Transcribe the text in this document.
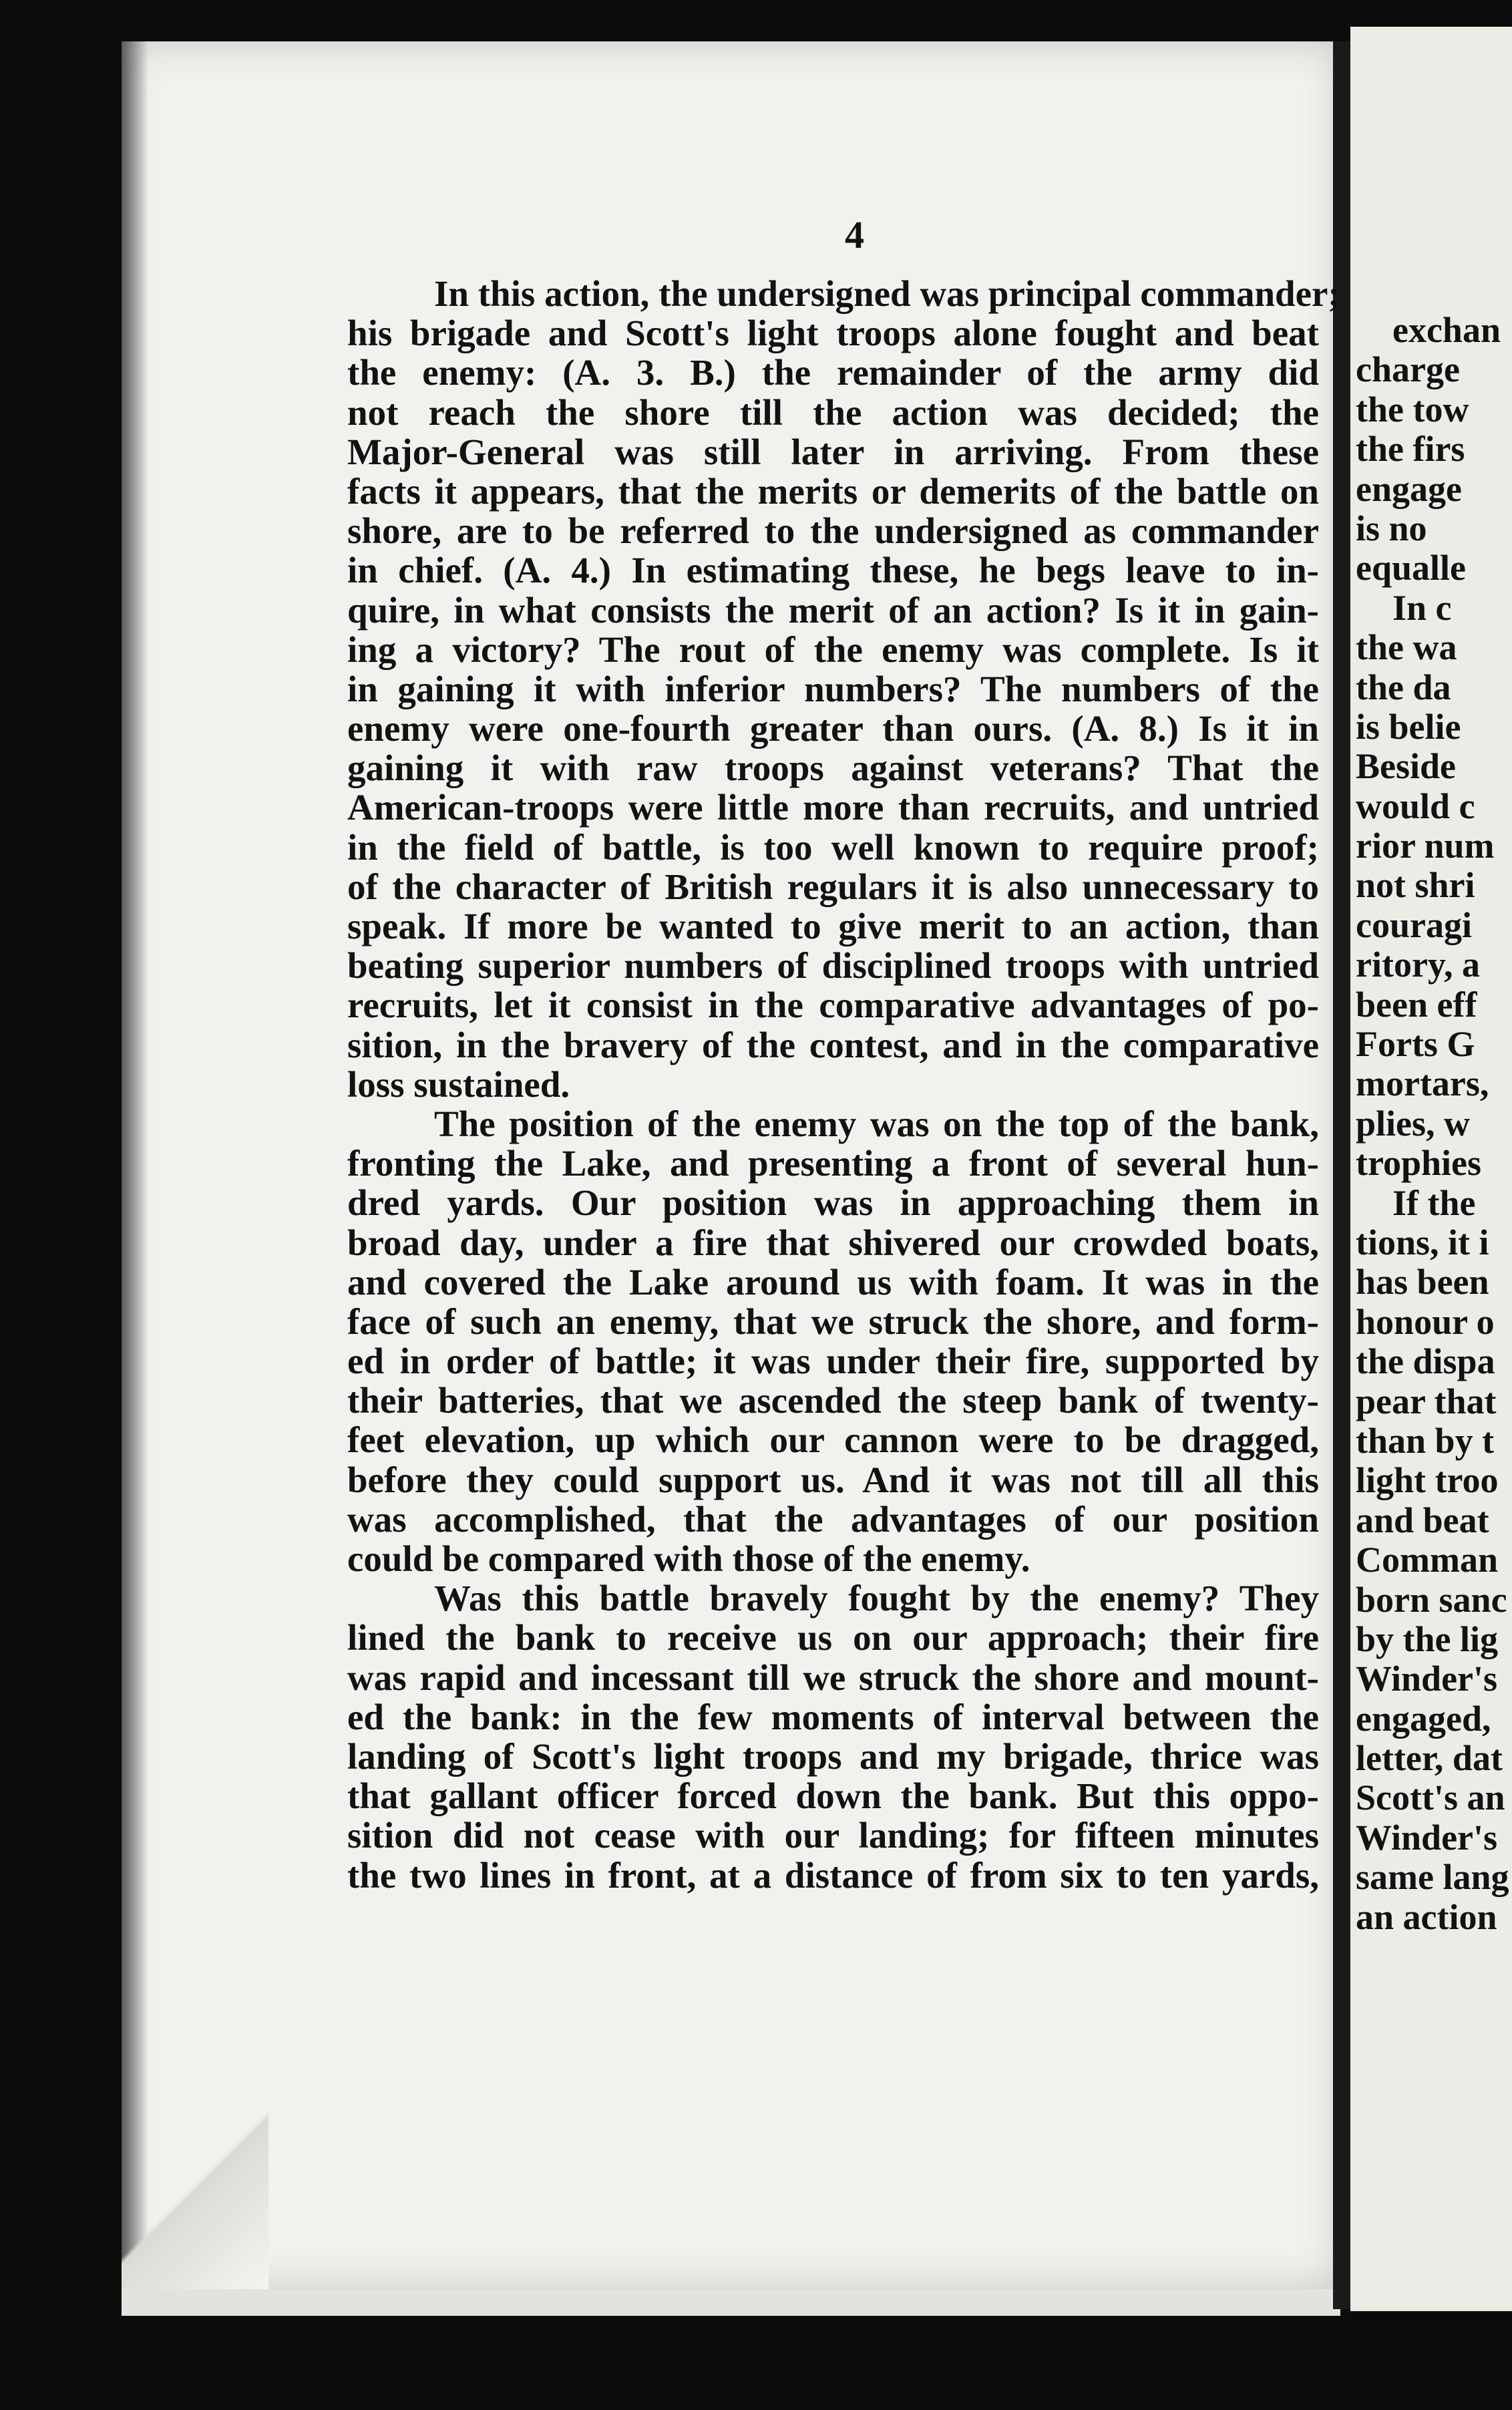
4
In this action, the undersigned was principal commander;
his brigade and Scott's light troops alone fought and beat
the enemy: (A. 3. B.) the remainder of the army did
not reach the shore till the action was decided; the
Major-General was still later in arriving. From these
facts it appears, that the merits or demerits of the battle on
shore, are to be referred to the undersigned as commander
in chief. (A. 4.) In estimating these, he begs leave to in-
quire, in what consists the merit of an action? Is it in gain-
ing a victory? The rout of the enemy was complete. Is it
in gaining it with inferior numbers? The numbers of the
enemy were one-fourth greater than ours. (A. 8.) Is it in
gaining it with raw troops against veterans? That the
American-troops were little more than recruits, and untried
in the field of battle, is too well known to require proof;
of the character of British regulars it is also unnecessary to
speak. If more be wanted to give merit to an action, than
beating superior numbers of disciplined troops with untried
recruits, let it consist in the comparative advantages of po-
sition, in the bravery of the contest, and in the comparative
loss sustained.
The position of the enemy was on the top of the bank,
fronting the Lake, and presenting a front of several hun-
dred yards. Our position was in approaching them in
broad day, under a fire that shivered our crowded boats,
and covered the Lake around us with foam. It was in the
face of such an enemy, that we struck the shore, and form-
ed in order of battle; it was under their fire, supported by
their batteries, that we ascended the steep bank of twenty-
feet elevation, up which our cannon were to be dragged,
before they could support us. And it was not till all this
was accomplished, that the advantages of our position
could be compared with those of the enemy.
Was this battle bravely fought by the enemy? They
lined the bank to receive us on our approach; their fire
was rapid and incessant till we struck the shore and mount-
ed the bank: in the few moments of interval between the
landing of Scott's light troops and my brigade, thrice was
that gallant officer forced down the bank. But this oppo-
sition did not cease with our landing; for fifteen minutes
the two lines in front, at a distance of from six to ten yards,
exchan
charge
the tow
the firs
engage
is no
equalle
In c
the wa
the da
is belie
Beside
would c
rior num
not shri
couragi
ritory, a
been eff
Forts G
mortars,
plies, w
trophies
If the
tions, it i
has been
honour o
the dispa
pear that
than by t
light troo
and beat
Comman
born sanc
by the lig
Winder's
engaged,
letter, dat
Scott's an
Winder's
same lang
an action
